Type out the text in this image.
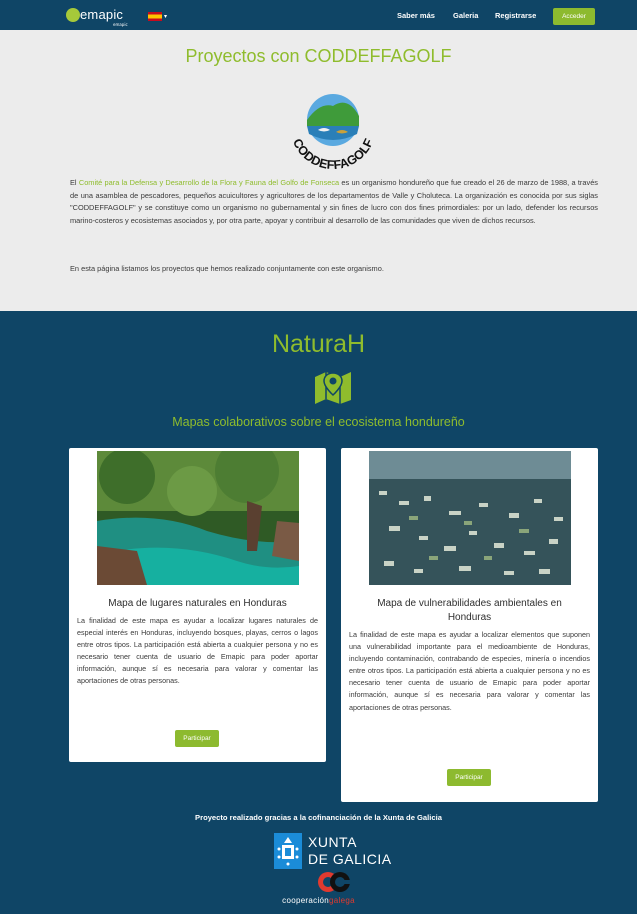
emapic
emapic
▾	Saber más Galeria Registrarse	Acceder
Proyectos con CODDEFFAGOLF
CODDEFFAGOLF
El Comité para la Defensa y Desarrollo de la Flora y Fauna del Golfo de Fonseca es un organismo hondureño que fue creado el 26 de marzo de 1988, a través de una asamblea de pescadores, pequeños acuicultores y agricultores de los departamentos de Valle y Choluteca. La organización es conocida por sus siglas "CODDEFFAGOLF" y se constituye como un organismo no gubernamental y sin fines de lucro con dos fines primordiales: por un lado, defender los recursos marino-costeros y ecosistemas asociados y, por otra parte, apoyar y contribuir al desarrollo de las comunidades que viven de dichos recursos.
En esta página listamos los proyectos que hemos realizado conjuntamente con este organismo.
NaturaH
Mapas colaborativos sobre el ecosistema hondureño
Mapa de lugares naturales en Honduras
La finalidad de este mapa es ayudar a localizar lugares naturales de especial interés en Honduras, incluyendo bosques, playas, cerros o lagos entre otros tipos. La participación está abierta a cualquier persona y no es necesario tener cuenta de usuario de Emapic para poder aportar información, aunque sí es necesaria para valorar y comentar las aportaciones de otras personas.
Participar
Mapa de vulnerabilidades ambientales en Honduras
La finalidad de este mapa es ayudar a localizar elementos que suponen una vulnerabilidad importante para el medioambiente de Honduras, incluyendo contaminación, contrabando de especies, minería o incendios entre otros tipos. La participación está abierta a cualquier persona y no es necesario tener cuenta de usuario de Emapic para poder aportar información, aunque sí es necesaria para valorar y comentar las aportaciones de otras personas.
Participar
Proyecto realizado gracias a la cofinanciación de la Xunta de Galicia
XUNTA
DE GALICIA
cooperacióngalega
